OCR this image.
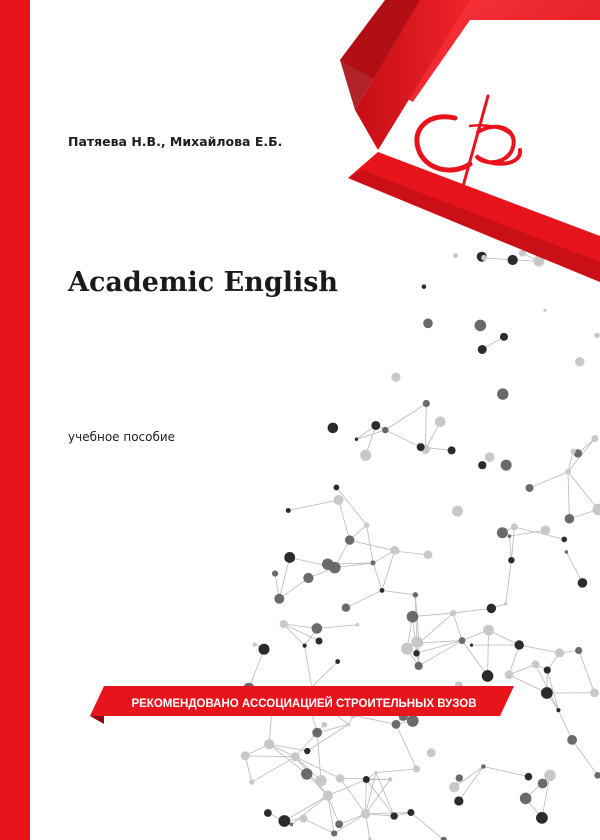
Патяева Н.В., Михайлова Е.Б.
Academic English
учебное пособие
РЕКОМЕНДОВАНО АССОЦИАЦИЕЙ СТРОИТЕЛЬНЫХ ВУЗОВ
